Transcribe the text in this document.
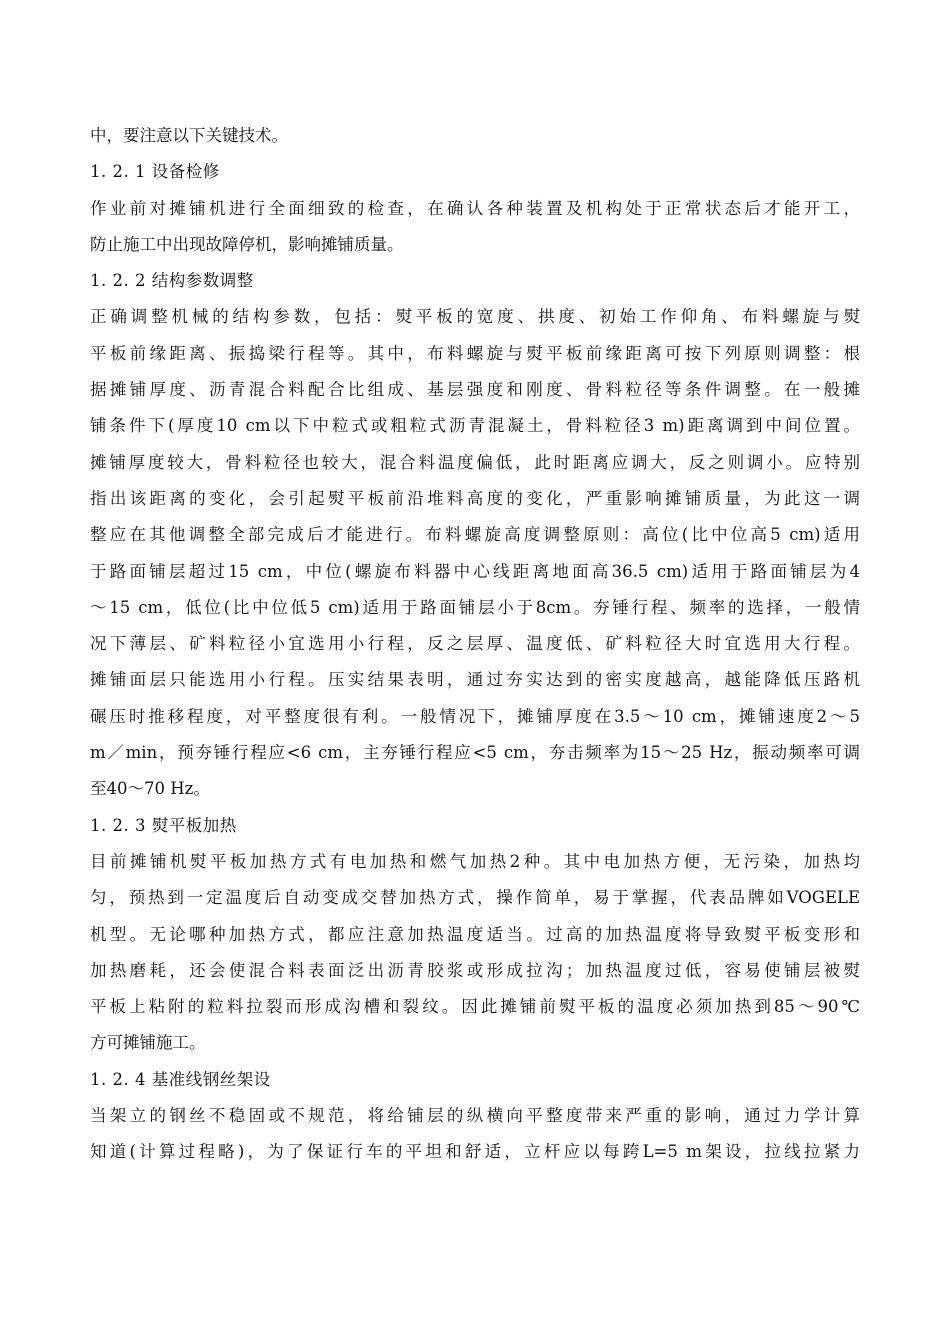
中，要注意以下关键技术。
1. 2. 1 设备检修
作业前对摊铺机进行全面细致的检查，在确认各种装置及机构处于正常状态后才能开工，
防止施工中出现故障停机，影响摊铺质量。
1. 2. 2 结构参数调整
正确调整机械的结构参数，包括：熨平板的宽度、拱度、初始工作仰角、布料螺旋与熨
平板前缘距离、振捣梁行程等。其中，布料螺旋与熨平板前缘距离可按下列原则调整：根
据摊铺厚度、沥青混合料配合比组成、基层强度和刚度、骨料粒径等条件调整。在一般摊
铺条件下(厚度10 cm以下中粒式或粗粒式沥青混凝土，骨料粒径3 m)距离调到中间位置。
摊铺厚度较大，骨料粒径也较大，混合料温度偏低，此时距离应调大，反之则调小。应特别
指出该距离的变化，会引起熨平板前沿堆料高度的变化，严重影响摊铺质量，为此这一调
整应在其他调整全部完成后才能进行。布料螺旋高度调整原则：高位(比中位高5 cm)适用
于路面铺层超过15 cm，中位(螺旋布料器中心线距离地面高36.5 cm)适用于路面铺层为4
～15 cm，低位(比中位低5 cm)适用于路面铺层小于8cm。夯锤行程、频率的选择，一般情
况下薄层、矿料粒径小宜选用小行程，反之层厚、温度低、矿料粒径大时宜选用大行程。
摊铺面层只能选用小行程。压实结果表明，通过夯实达到的密实度越高，越能降低压路机
碾压时推移程度，对平整度很有利。一般情况下，摊铺厚度在3.5～10 cm，摊铺速度2～5
m／min，预夯锤行程应<6 cm，主夯锤行程应<5 cm，夯击频率为15～25 Hz，振动频率可调
至40～70 Hz。
1. 2. 3 熨平板加热
目前摊铺机熨平板加热方式有电加热和燃气加热2种。其中电加热方便，无污染，加热均
匀，预热到一定温度后自动变成交替加热方式，操作简单，易于掌握，代表品牌如VOGELE
机型。无论哪种加热方式，都应注意加热温度适当。过高的加热温度将导致熨平板变形和
加热磨耗，还会使混合料表面泛出沥青胶浆或形成拉沟；加热温度过低，容易使铺层被熨
平板上粘附的粒料拉裂而形成沟槽和裂纹。因此摊铺前熨平板的温度必须加热到85～90℃
方可摊铺施工。
1. 2. 4 基准线钢丝架设
当架立的钢丝不稳固或不规范，将给铺层的纵横向平整度带来严重的影响，通过力学计算
知道(计算过程略)，为了保证行车的平坦和舒适，立杆应以每跨L=5 m架设，拉线拉紧力
